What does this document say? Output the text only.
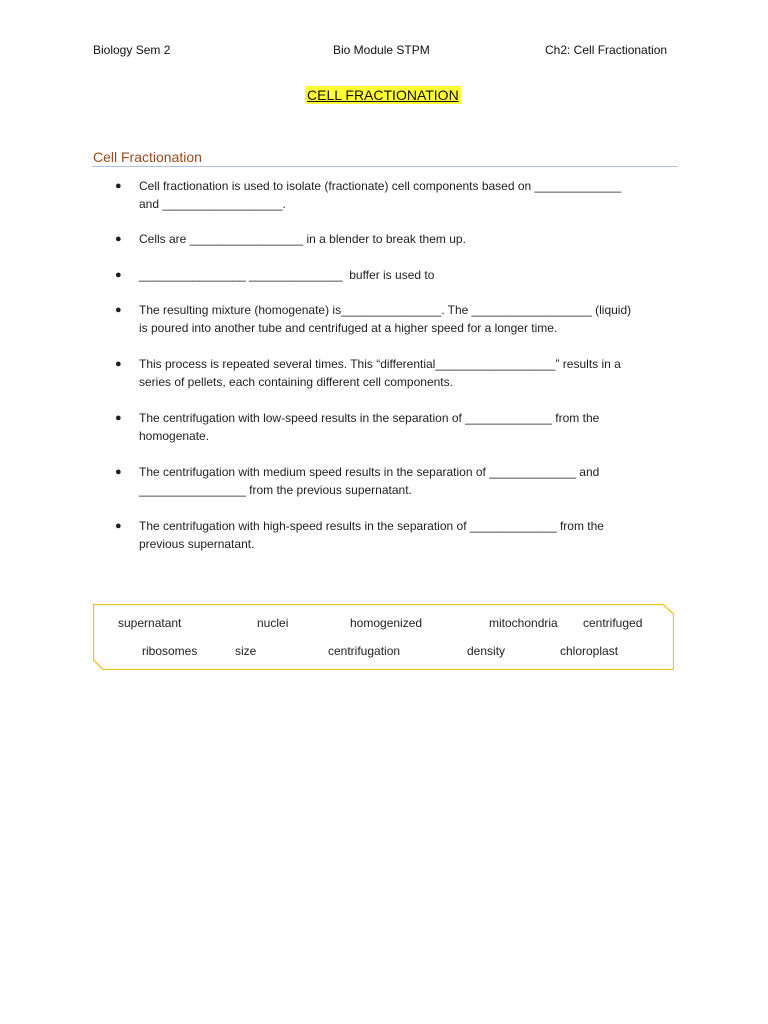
Biology Sem 2	Bio Module STPM	Ch2: Cell Fractionation
CELL FRACTIONATION
Cell Fractionation
● Cell fractionation is used to isolate (fractionate) cell components based on _____________
and __________________.
● Cells are _________________ in a blender to break them up.
● ________________ ______________  buffer is used to
● The resulting mixture (homogenate) is_______________. The __________________ (liquid)
is poured into another tube and centrifuged at a higher speed for a longer time.
● This process is repeated several times. This “differential__________________” results in a
series of pellets, each containing different cell components.
● The centrifugation with low-speed results in the separation of _____________ from the
homogenate.
● The centrifugation with medium speed results in the separation of _____________ and
________________ from the previous supernatant.
● The centrifugation with high-speed results in the separation of _____________ from the
previous supernatant.
supernatant	nuclei	homogenized	mitochondria centrifuged
ribosomes	size	centrifugation	density	chloroplast
